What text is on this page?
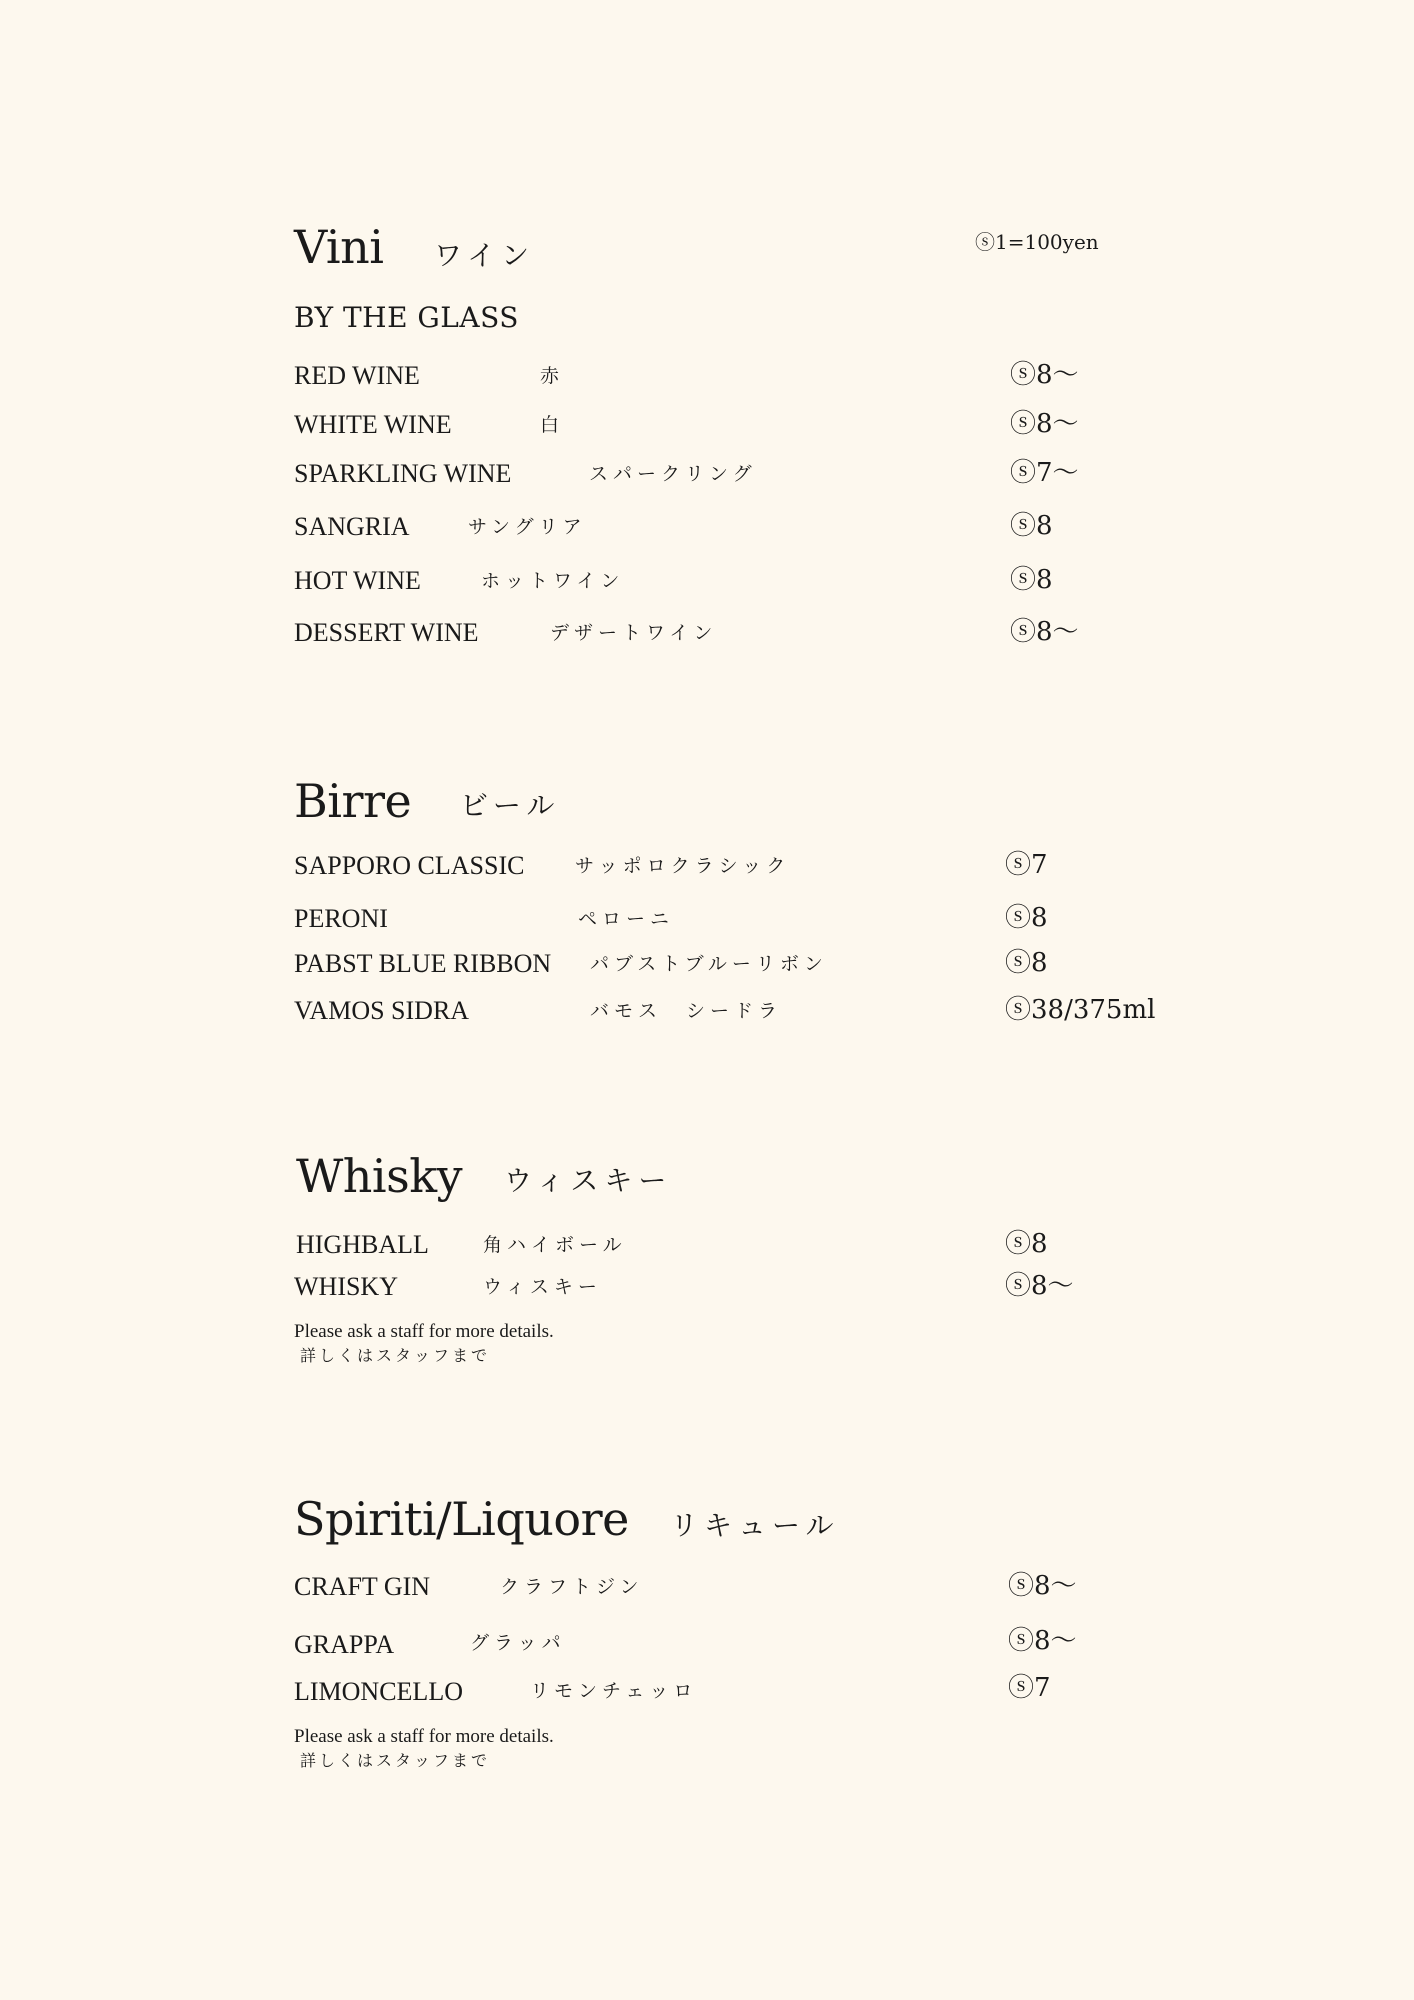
Vini ワイン	ⓢ1=100yen
BY THE GLASS
RED WINE	赤	ⓢ8〜
WHITE WINE	白	ⓢ8〜
SPARKLING WINE	スパークリング	ⓢ7〜
SANGRIA	サングリア	ⓢ8
HOT WINE	ホットワイン	ⓢ8
DESSERT WINE	デザートワイン	ⓢ8〜
Birre ビール
SAPPORO CLASSIC	サッポロクラシック	ⓢ7
PERONI	ペローニ	ⓢ8
PABST BLUE RIBBON パブストブルーリボン	ⓢ8
VAMOS SIDRA	バモス　シードラ	ⓢ38/375ml
Whisky ウィスキー
HIGHBALL	角ハイボール	ⓢ8
WHISKY	ウィスキー	ⓢ8〜
Please ask a staff for more details.
詳しくはスタッフまで
Spiriti/Liquore リキュール
CRAFT GIN	クラフトジン	ⓢ8〜
GRAPPA	グラッパ	ⓢ8〜
LIMONCELLO	リモンチェッロ	ⓢ7
Please ask a staff for more details.
詳しくはスタッフまで
